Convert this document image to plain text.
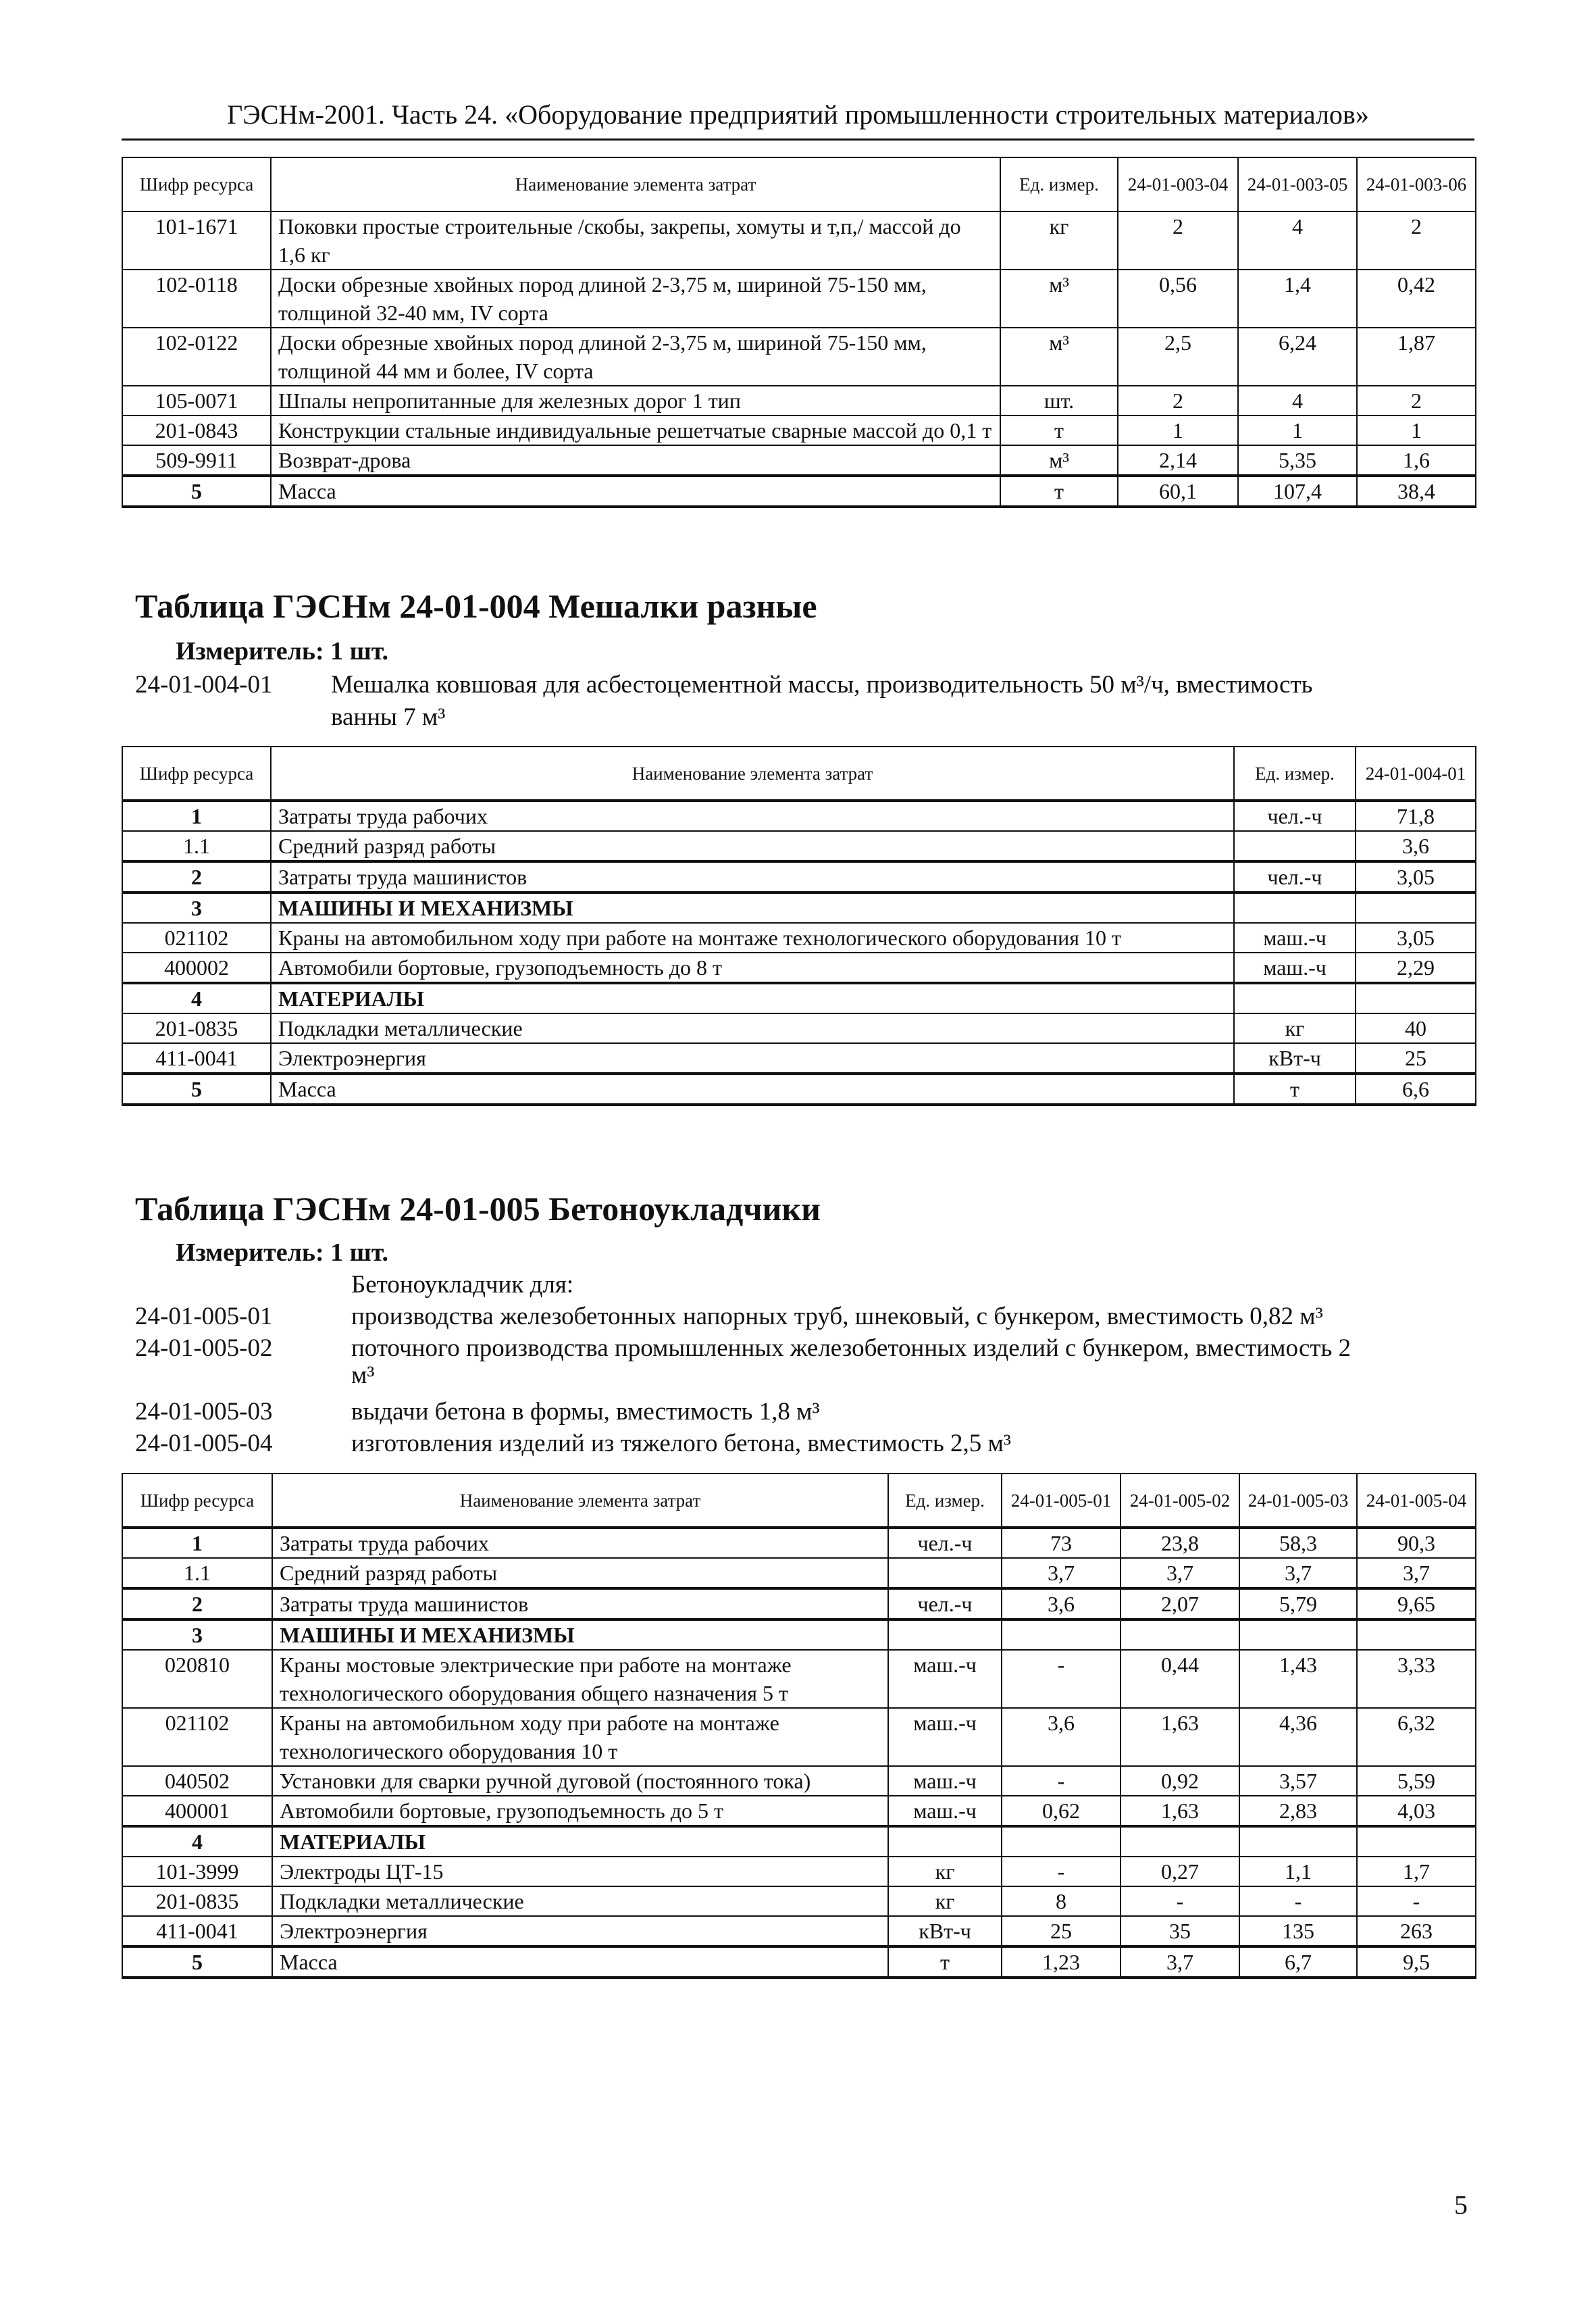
ГЭСНм-2001. Часть 24. «Оборудование предприятий промышленности строительных материалов»
Шифр ресурса	Наименование элемента затрат	Ед. измер.	24-01-003-04	24-01-003-05	24-01-003-06
101-1671	Поковки простые строительные /скобы, закрепы, хомуты и т,п,/ массой до 1,6 кг	кг	2	4	2
102-0118	Доски обрезные хвойных пород длиной 2-3,75 м, шириной 75-150 мм, толщиной 32-40 мм, IV сорта	м³	0,56	1,4	0,42
102-0122	Доски обрезные хвойных пород длиной 2-3,75 м, шириной 75-150 мм, толщиной 44 мм и более, IV сорта	м³	2,5	6,24	1,87
105-0071	Шпалы непропитанные для железных дорог 1 тип	шт.	2	4	2
201-0843	Конструкции стальные индивидуальные решетчатые сварные массой до 0,1 т	т	1	1	1
509-9911	Возврат-дрова	м³	2,14	5,35	1,6
5	Масса	т	60,1	107,4	38,4
Таблица ГЭСНм 24-01-004 Мешалки разные
Измеритель: 1 шт.
24-01-004-01 Мешалка ковшовая для асбестоцементной массы, производительность 50 м³/ч, вместимость
ванны 7 м³
Шифр ресурса	Наименование элемента затрат	Ед. измер.	24-01-004-01
1	Затраты труда рабочих	чел.-ч	71,8
1.1	Средний разряд работы		3,6
2	Затраты труда машинистов	чел.-ч	3,05
3	МАШИНЫ И МЕХАНИЗМЫ		
021102	Краны на автомобильном ходу при работе на монтаже технологического оборудования 10 т	маш.-ч	3,05
400002	Автомобили бортовые, грузоподъемность до 8 т	маш.-ч	2,29
4	МАТЕРИАЛЫ		
201-0835	Подкладки металлические	кг	40
411-0041	Электроэнергия	кВт-ч	25
5	Масса	т	6,6
Таблица ГЭСНм 24-01-005 Бетоноукладчики
Измеритель: 1 шт.
Бетоноукладчик для:
24-01-005-01	производства железобетонных напорных труб, шнековый, с бункером, вместимость 0,82 м³
24-01-005-02	поточного производства промышленных железобетонных изделий с бункером, вместимость 2
м³
24-01-005-03	выдачи бетона в формы, вместимость 1,8 м³
24-01-005-04	изготовления изделий из тяжелого бетона, вместимость 2,5 м³
Шифр ресурса	Наименование элемента затрат	Ед. измер.	24-01-005-01	24-01-005-02	24-01-005-03	24-01-005-04
1	Затраты труда рабочих	чел.-ч	73	23,8	58,3	90,3
1.1	Средний разряд работы		3,7	3,7	3,7	3,7
2	Затраты труда машинистов	чел.-ч	3,6	2,07	5,79	9,65
3	МАШИНЫ И МЕХАНИЗМЫ					
020810	Краны мостовые электрические при работе на монтаже технологического оборудования общего назначения 5 т	маш.-ч	-	0,44	1,43	3,33
021102	Краны на автомобильном ходу при работе на монтаже технологического оборудования 10 т	маш.-ч	3,6	1,63	4,36	6,32
040502	Установки для сварки ручной дуговой (постоянного тока)	маш.-ч	-	0,92	3,57	5,59
400001	Автомобили бортовые, грузоподъемность до 5 т	маш.-ч	0,62	1,63	2,83	4,03
4	МАТЕРИАЛЫ					
101-3999	Электроды ЦТ-15	кг	-	0,27	1,1	1,7
201-0835	Подкладки металлические	кг	8	-	-	-
411-0041	Электроэнергия	кВт-ч	25	35	135	263
5	Масса	т	1,23	3,7	6,7	9,5
5
